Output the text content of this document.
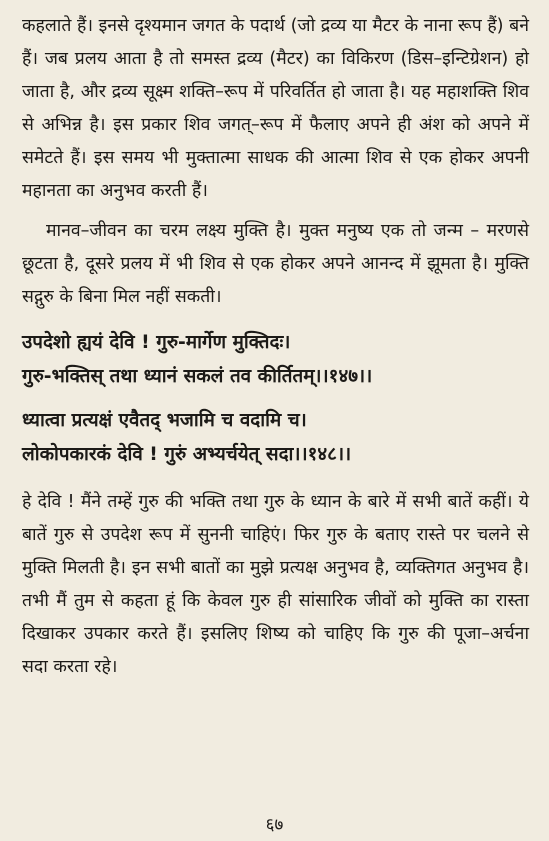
कहलाते हैं। इनसे दृश्यमान जगत के पदार्थ (जो द्रव्य या मैटर के नाना रूप हैं) बने हैं। जब प्रलय आता है तो समस्त द्रव्य (मैटर) का विकिरण (डिस–इन्टिग्रेशन) हो जाता है, और द्रव्य सूक्ष्म शक्ति–रूप में परिवर्तित हो जाता है। यह महाशक्ति शिव से अभिन्न है। इस प्रकार शिव जगत्–रूप में फैलाए अपने ही अंश को अपने में समेटते हैं। इस समय भी मुक्तात्मा साधक की आत्मा शिव से एक होकर अपनी महानता का अनुभव करती हैं।

मानव–जीवन का चरम लक्ष्य मुक्ति है। मुक्त मनुष्य एक तो जन्म – मरणसे छूटता है, दूसरे प्रलय में भी शिव से एक होकर अपने आनन्द में झूमता है। मुक्ति सद्गुरु के बिना मिल नहीं सकती।

उपदेशो ह्ययं देवि ! गुरु-मार्गेण मुक्तिदः।

गुरु-भक्तिस् तथा ध्यानं सकलं तव कीर्तितम्।।१४७।।

ध्यात्वा प्रत्यक्षं एवैतद् भजामि च वदामि च।

लोकोपकारकं देवि ! गुरुं अभ्यर्चयेत् सदा।।१४८।।

हे देवि ! मैंने तम्हें गुरु की भक्ति तथा गुरु के ध्यान के बारे में सभी बातें कहीं। ये बातें गुरु से उपदेश रूप में सुननी चाहिएं। फिर गुरु के बताए रास्ते पर चलने से मुक्ति मिलती है। इन सभी बातों का मुझे प्रत्यक्ष अनुभव है, व्यक्तिगत अनुभव है। तभी मैं तुम से कहता हूं कि केवल गुरु ही सांसारिक जीवों को मुक्ति का रास्ता दिखाकर उपकार करते हैं। इसलिए शिष्य को चाहिए कि गुरु की पूजा–अर्चना सदा करता रहे।

६७
